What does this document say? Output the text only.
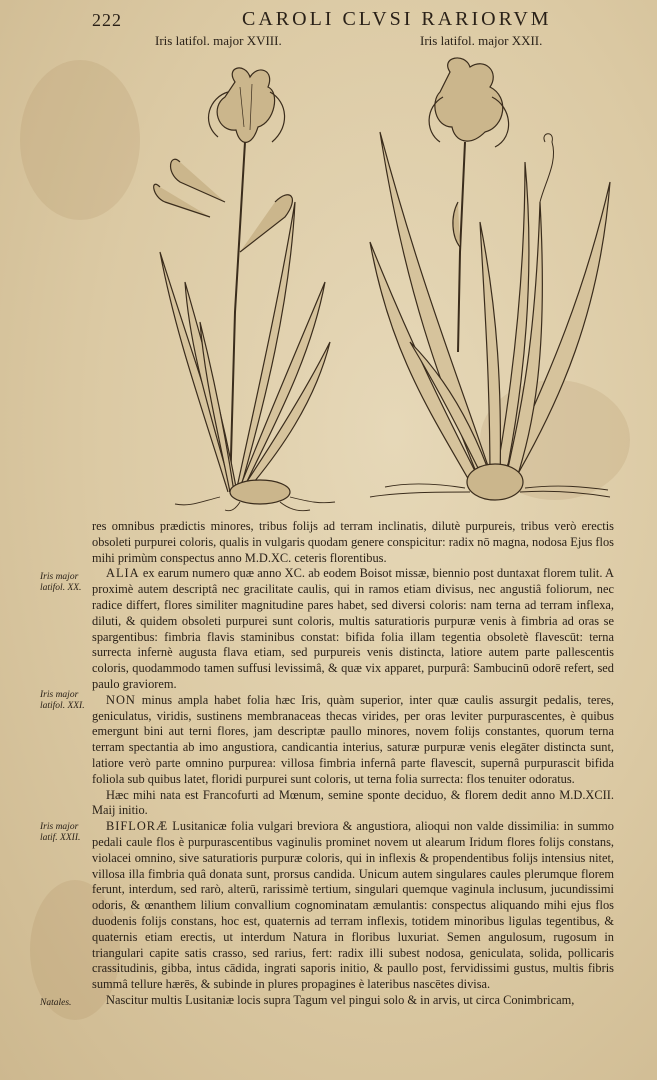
222	CAROLI CLVSI RARIORVM
Iris latifol. major XVIII.	Iris latifol. major XXII.
Iris major latifol. XX.
Iris major latifol. XXI.
Iris major latif. XXII.
Natales.

res omnibus prædictis minores, tribus folijs ad terram inclinatis, dilutè purpureis, tribus verò erectis obsoleti purpurei coloris, qualis in vulgaris quodam genere conspicitur: radix nō magna, nodosa Ejus flos mihi primùm conspectus anno M.D.XC. ceteris florentibus.

ALIA ex earum numero quæ anno XC. ab eodem Boisot missæ, biennio post duntaxat florem tulit. A proximè autem descriptâ nec gracilitate caulis, qui in ramos etiam divisus, nec angustiâ foliorum, nec radice differt, flores similiter magnitudine pares habet, sed diversi coloris: nam terna ad terram inflexa, diluti, & quidem obsoleti purpurei sunt coloris, multis saturatioris purpuræ venis à fimbria ad oras se spargentibus: fimbria flavis staminibus constat: bifida folia illam tegentia obsoletè flavescūt: terna surrecta infernè augusta flava etiam, sed purpureis venis distincta, latiore autem parte pallescentis coloris, quodammodo tamen suffusi levissimâ, & quæ vix apparet, purpurâ: Sambucinū odorē refert, sed paulo graviorem.

NON minus ampla habet folia hæc Iris, quàm superior, inter quæ caulis assurgit pedalis, teres, geniculatus, viridis, sustinens membranaceas thecas virides, per oras leviter purpurascentes, è quibus emergunt bini aut terni flores, jam descriptæ paullo minores, novem folijs constantes, quorum terna terram spectantia ab imo angustiora, candicantia interius, saturæ purpuræ venis elegāter distincta sunt, latiore verò parte omnino purpurea: villosa fimbria infernâ parte flavescit, supernâ purpurascit bifida foliola sub quibus latet, floridi purpurei sunt coloris, ut terna folia surrecta: flos tenuiter odoratus.

Hæc mihi nata est Francofurti ad Mœnum, semine sponte deciduo, & florem dedit anno M.D.XCII. Maij initio.

BIFLORÆ Lusitanicæ folia vulgari breviora & angustiora, alioqui non valde dissimilia: in summo pedali caule flos è purpurascentibus vaginulis prominet novem ut alearum Iridum flores folijs constans, violacei omnino, sive saturatioris purpuræ coloris, qui in inflexis & propendentibus folijs intensius nitet, villosa illa fimbria quâ donata sunt, prorsus candida. Unicum autem singulares caules plerumque florem ferunt, interdum, sed rarò, alterū, rarissimè tertium, singulari quemque vaginula inclusum, jucundissimi odoris, & œnanthem lilium convallium cognominatam æmulantis: conspectus aliquando mihi ejus flos duodenis folijs constans, hoc est, quaternis ad terram inflexis, totidem minoribus ligulas tegentibus, & quaternis etiam erectis, ut interdum Natura in floribus luxuriat. Semen angulosum, rugosum in triangulari capite satis crasso, sed rarius, fert: radix illi subest nodosa, geniculata, solida, pollicaris crassitudinis, gibba, intus cādida, ingrati saporis initio, & paullo post, fervidissimi gustus, multis fibris summâ tellure hærēs, & subinde in plures propagines è lateribus nascētes divisa.

Nascitur multis Lusitaniæ locis supra Tagum vel pingui solo & in arvis, ut circa Conimbricam,
